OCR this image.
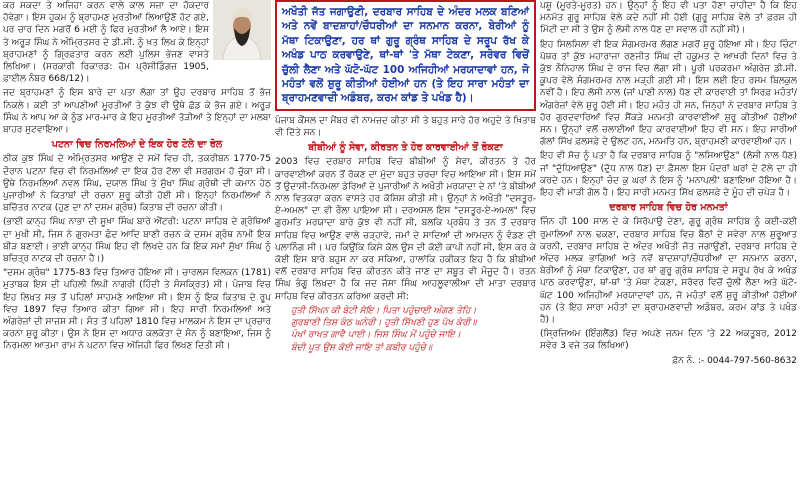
ਕਰ ਸਕਦਾ ਤੇ ਅਜਿਹਾ ਕਰਨ ਵਾਲੇ ਕਾਲ ਸਜ਼ਾ ਦਾ ਹੱਕਦਾਰ ਹੋਵੇਗਾ। ਇਸ ਹੁਕਮ ਨੂੰ ਬ੍ਰਾਹਮਣ ਮੁਰਤੀਆਂ ਲਿਆਉਣੋਂ ਹੱਟ ਗਏ, ਪਰ ਚਾਰ ਦਿਨ ਮਗਰੋਂ 6 ਮਈ ਨੂੰ ਫਿਰ ਮੁਰਤੀਆਂ ਲੈ ਆਏ। ਇਸ ਤੇ ਅਰੂੜ ਸਿੰਘ ਨੇ ਅੰਮ੍ਰਿਤਸਰ ਦੇ ਡੀ.ਸੀ. ਨੂੰ ਖ਼ਤ ਲਿਖ ਕੇ ਇਨ੍ਹਾਂ ਬ੍ਰਾਹਮਣਾਂ ਨੂੰ ਗ੍ਰਿਫ਼ਤਾਰ ਕਰਨ ਲਈ ਪੁਲਿਸ ਭੇਜਣ ਵਾਸਤੇ ਲਿਖਿਆ। (ਸਰਕਾਰੀ ਰਿਕਾਰਡ: ਹੋਮ ਪ੍ਰੋਸੀਡਿੰਗਜ਼ 1905, ਫ਼ਾਈਲ ਨੰਬਰ 668/12)।

ਜਦ ਬ੍ਰਾਹਮਣਾਂ ਨੂੰ ਇਸ ਬਾਰੇ ਦਾ ਪਤਾ ਲੱਗਾ ਤਾਂ ਉਹ ਦਰਬਾਰ ਸਾਹਿਬ ਤੋਂ ਭੱਜ ਨਿਕਲੇ। ਕਈ ਤਾਂ ਆਪਣੀਆਂ ਮੂਰਤੀਆਂ ਤੇ ਕੁੱਝ ਵੀ ਉਥੇ ਛੱਡ ਕੇ ਭੱਜ ਗਏ। ਅਰੂੜ ਸਿੰਘ ਨੇ ਆਪ ਆ ਕੇ ਨੂੰਡ ਮਾਰ-ਮਾਰ ਕੇ ਇਹ ਮੂਰਤੀਆਂ ਤੋੜੀਆਂ ਤੇ ਇਨ੍ਹਾਂ ਦਾ ਮਲਬਾ ਬਾਹਰ ਸੁਟਵਾਇਆ।

ਪਟਨਾ ਵਿਚ ਨਿਰਮਲਿਆਂ ਦੇ ਇਕ ਹੋਰ ਟੋਲੇ ਦਾ ਰੋਲ

ਠੀਕ ਕੁਝ ਸਿੰਘ ਦੇ ਅੰਮ੍ਰਿਤਸਰ ਆਉਣ ਦੇ ਸਮੇਂ ਵਿਚ ਹੀ, ਤਕਰੀਬਨ 1770-75 ਦੌਰਾਨ ਪਟਨਾ ਵਿਚ ਵੀ ਨਿਰਮਲਿਆਂ ਦਾ ਇਕ ਹੋਰ ਟੋਲਾ ਵੀ ਸਰਗਰਮ ਹੋ ਚੁੱਕਾ ਸੀ। ਉਥੇ ਨਿਰਮਲਿਆਂ ਨਵਲ ਸਿੰਘ, ਦਯਾਲ ਸਿੰਘ ਤੇ ਸੁੱਖਾ ਸਿੰਘ ਗ੍ਰੰਥੀ ਦੀ ਕਮਾਨ ਹੇਠ ਪੁਜਾਰੀਆਂ ਨੇ ਕਿਤਾਬਾਂ ਦੀ ਰਚਨਾ ਸ਼ੁਰੂ ਕੀਤੀ ਹੋਈ ਸੀ। ਇਨ੍ਹਾਂ ਨਿਰਮਲਿਆਂ ਨੇ ਬਚਿੱਤਰ ਨਾਟਕ (ਹੁਣ ਦਾ ਨਾਂ ਦਸਮ ਗ੍ਰੰਥ) ਕਿਤਾਬ ਦੀ ਰਚਨਾ ਕੀਤੀ।

(ਭਾਈ ਕਾਨ੍ਹ ਸਿੰਘ ਨਾਭਾ ਦੀ ਸੂਖ਼ਾ ਸਿੰਘ ਬਾਰੇ ਐਂਟਰੀ: ਪਟਨਾ ਸਾਹਿਬ ਦੇ ਗ੍ਰੰਥਿਆਂ ਦਾ ਮੁਖੀ ਸੀ, ਜਿਸ ਨੇ ਗੁਰਮਤਾ ਛੰਦ ਆਦਿ ਬਾਣੀ ਰਚਨ ਕੇ ਦਸਮ ਗ੍ਰੰਥ ਨਾਮੀ ਇਕ ਬੀੜ ਬਣਾਈ। ਭਾਈ ਕਾਨ੍ਹ ਸਿੰਘ ਇਹ ਵੀ ਲਿਖਦੇ ਹਨ ਕਿ ਇਕ ਸਮਾਂ ਸੁੱਖਾ ਸਿੰਘ ਨੂੰ ਬਚਿਤ੍ਰ ਨਾਟਕ ਦੀ ਰਚਨਾ ਹੈ।)

"ਦਸਮ ਗ੍ਰੰਥ" 1775-83 ਵਿਚ ਤਿਆਰ ਹੋਇਆ ਸੀ। ਚਾਰਲਸ ਵਿਲਕਨ (1781) ਮੁਤਾਬਕ ਇਸ ਦੀ ਪਹਿਲੀ ਲਿਪੀ ਨਾਗਰੀ (ਹਿੰਦੀ ਤੇ ਸੰਸਕ੍ਰਿਤ) ਸੀ। ਪੰਜਾਬ ਵਿਚ ਇਹ ਲਿਖਤ ਸਭ ਤੋਂ ਪਹਿਲਾਂ ਸਾਹਮਣੇ ਆਇਆ ਸੀ। ਇਸ ਨੂੰ ਇਕ ਕਿਤਾਬ ਦੇ ਰੂਪ ਵਿਚ 1897 ਵਿਚ ਤਿਆਰ ਕੀਤਾ ਗਿਆ ਸੀ। ਇਹ ਸਾਰੀ ਨਿਰਮਲਿਆਂ ਅਤੇ ਅੰਗਰੇਜ਼ਾਂ ਦੀ ਸਾਜ਼ਸ਼ ਸੀ। ਸੰਤ ਤੋਂ ਪਹਿਲਾਂ 1810 ਵਿਚ ਮਾਲਕਮ ਨੇ ਇਸ ਦਾ ਪ੍ਰਚਾਰ ਕਰਨਾ ਸ਼ੁਰੂ ਕੀਤਾ। ਉਸ ਨੇ ਇਸ ਦਾ ਅਧਾਰ ਕਲਕੱਤਾ ਦੇ ਸੰਨ ਨੂੰ ਬਣਾਇਆ, ਜਿਸ ਨੂੰ ਨਿਰਮਲਾ ਆਤਮਾ ਰਾਮ ਨੇ ਪਟਨਾ ਵਿਚ ਅੱਜਿਹੀ ਫਿਰ ਲਿਖਣ ਦਿਤੀ ਸੀ।

ਅਖੌਤੀ ਜੱਤ ਜਗਾਉਣੀ, ਦਰਬਾਰ ਸਾਹਿਬ ਦੇ ਅੰਦਰ ਮਲਕ ਬਣਿਆਂ ਅਤੇ ਨਵੇਂ ਬਾਦਸ਼ਾਹਾਂ/ਚੌਧਰੀਆਂ ਦਾ ਸਨਮਾਨ ਕਰਨਾ, ਬੇਰੀਆਂ ਨੂੰ ਮੱਥਾ ਟਿਕਾਉਣਾ, ਹਰ ਥਾਂ ਗੁਰੂ ਗ੍ਰੰਥ ਸਾਹਿਬ ਦੇ ਸਰੂਪ ਰੱਖ ਕੇ ਅਖੰਡ ਪਾਠ ਕਰਵਾਉਣੇ, ਥਾਂ-ਥਾਂ 'ਤੇ ਮੱਥਾ ਟੇਕਣਾ, ਸਰੋਵਰ ਵਿਚੋਂ ਚੁੱਲੀ ਲੈਣਾ ਅਤੇ ਘੱਟੋ-ਘੱਟ 100 ਅਜਿਹੀਆਂ ਮਰਯਾਦਾਵਾਂ ਹਨ, ਜੋ ਮਹੰਤਾਂ ਵਲੋਂ ਸ਼ੁਰੂ ਕੀਤੀਆਂ ਹੋਈਆਂ ਹਨ (ਤੇ ਇਹ ਸਾਰਾ ਮਹੰਤਾਂ ਦਾ ਬ੍ਰਾਹਮਣਵਾਦੀ ਅਡੰਬਰ, ਕਰਮ ਕਾਂਡ ਤੇ ਪਖੰਡ ਹੈ)।

ਪੰਜਾਬ ਕੌਂਸਲ ਦਾ ਮੈਂਬਰ ਵੀ ਨਾਮਜ਼ਦ ਕੀਤਾ ਸੀ ਤੇ ਬਹੁਤ ਸਾਰੇ ਹੋਰ ਅਹੁਦੇ ਤੇ ਖ਼ਿਤਾਬ ਵੀ ਦਿੱਤੇ ਸਨ।

ਬੀਬੀਆਂ ਨੂੰ ਸੇਵਾ, ਕੀਰਤਨ ਤੇ ਹੋਰ ਕਾਰਵਾਈਆਂ ਤੋਂ ਰੋਕਣਾ

2003 ਵਿਚ ਦਰਬਾਰ ਸਾਹਿਬ ਵਿਚ ਬੀਬੀਆਂ ਨੂੰ ਸੇਵਾ, ਕੀਰਤਨ ਤੇ ਹੋਰ ਕਾਰਵਾਈਆਂ ਕਰਨ ਤੋਂ ਰੋਕਣ ਦਾ ਮੁੱਦਾ ਬਹੁਤ ਚਰਚਾ ਵਿਚ ਆਇਆ ਸੀ। ਇਸ ਸਮੇਂ ਤੋਂ ਉਦਾਸੀ-ਨਿਰਮਲਾ ਡੇਰਿਆਂ ਦੇ ਪੁਜਾਰੀਆਂ ਨੇ ਅਖੌਤੀ ਮਰਯਾਦਾ ਦੇ ਨਾਂ 'ਤੇ ਬੀਬੀਆਂ ਨਾਲ ਵਿਤਕਰਾ ਕਰਨ ਵਾਸਤੇ ਹਰ ਕੋਸ਼ਿਸ਼ ਕੀਤੀ ਸੀ। ਉਨ੍ਹਾਂ ਨੇ ਅਖੌਤੀ "ਦਸਤੂਰ-ਏ-ਅਮਲ" ਦਾ ਵੀ ਰੌਲਾ ਪਾਇਆ ਸੀ। ਦਰਅਸਲ ਇਸ "ਦਸਤੂਰ-ਏ-ਅਮਲ" ਵਿਚ ਗੁਰਮਤਿ ਮਰਯਾਦਾ ਬਾਰੇ ਕੁੱਝ ਵੀ ਨਹੀਂ ਸੀ, ਬਲਕਿ ਪ੍ਰਬੰਧ ਤੇ ਤਨ ਤੋਂ ਦਰਬਾਰ ਸਾਹਿਬ ਵਿਚ ਆਉਣ ਵਾਲੇ ਚੜ੍ਹਾਵੇ, ਜਮਾਂ ਦੇ ਸਾਦਿਆਂ ਦੀ ਆਮਦਨ ਨੂੰ ਵੰਡਣ ਦੀ ਪਲਾਨਿੰਗ ਸੀ। ਪਰ ਕਿਉਂਕਿ ਕਿਸੇ ਕੋਲ ਉਸ ਦੀ ਕੋਈ ਕਾਪੀ ਨਹੀਂ ਸੀ, ਇਸ ਕਰ ਕੇ ਕੋਈ ਇਸ ਬਾਰੇ ਬਹੁਸ ਨਾ ਕਰ ਸਕਿਆ, ਹਾਲਾਂਕਿ ਹਕੀਕਤ ਇਹ ਹੈ ਕਿ ਬੀਬੀਆਂ ਵਲੋਂ ਦਰਬਾਰ ਸਾਹਿਬ ਵਿਚ ਕੀਰਤਨ ਕੀਤੇ ਜਾਣ ਦਾ ਸਬੂਤ ਵੀ ਮੌਜੂਦ ਹੈ। ਰਤਨ ਸਿੰਘ ਭੰਗੂ ਲਿਖਦਾ ਹੈ ਕਿ ਜਦ ਜੱਸਾ ਸਿੰਘ ਆਹਲੂਵਾਲੀਆ ਦੀ ਮਾਤਾ ਦਰਬਾਰ ਸਾਹਿਬ ਵਿਚ ਕੀਰਤਨ ਕਰਿਆ ਕਰਦੀ ਸੀ:

ਹੁਤੀ ਸਿੱਖਨ ਕੀ ਬੇਟੀ ਸੋਇ। ਪਿਤਾ ਪਹੁੰਚਾਈ ਅੰਗਣ ਤੇਹਿ।
ਗੁਰਬਾਣੀ ਤਿਸ ਕੰਠ ਘਨੇਰੀ। ਹੁਤੀ ਸਿੱਖਣੀ ਹੁਣ ਪੱਖ ਕੇਰੀ॥
ਪੰਖਾਂ ਰਾਖਤ ਗਾਵੈ ਪਾਈ। ਜਿਸ ਸਿੰਘ ਮੇਂ ਪਹੁੰਚੇ ਜਾਇ।
ਬੰਦੀ ਪੂਤ ਉਸ ਕੋਈ ਜਾਇ ਤਾਂ ਕਬੀਰ ਪਹੁੰਚੇ॥

ਪਸ਼ੂ (ਮੂਰਤੇ-ਮੂਰਤ) ਹਨ। ਉਨ੍ਹਾਂ ਨੂੰ ਇਹ ਵੀ ਪਤਾ ਹੋਣਾ ਚਾਹੀਦਾ ਹੈ ਕਿ ਇਹ ਮਨਮੱਤ ਗੁਰੂ ਸਾਹਿਬ ਵੇਲੇ ਕਦੇ ਨਹੀਂ ਸੀ ਹੋਈ (ਗੁਰੂ ਸਾਹਿਬ ਵੇਲੇ ਤਾਂ ਫ਼ਰਸ਼ ਹੀ ਮਿੱਟੀ ਦਾ ਸੀ ਤੇ ਉਸ ਨੂੰ ਲੱਸੀ ਨਾਲ ਧੋਣ ਦਾ ਸਵਾਲ ਹੀ ਨਹੀਂ ਸੀ)।

ਇਹ ਸਿਲਸਿਲਾ ਵੀ ਇਕ ਸੰਗਮਰਮਰ ਲੱਗਣ ਮਗਰੋਂ ਸ਼ੁਰੂ ਹੋਇਆ ਸੀ। ਇਹ ਚਿੰਟਾ ਪੱਥਰ ਤਾਂ ਕੁੱਝ ਮਹਾਰਾਜਾ ਰਣਜੀਤ ਸਿੰਘ ਦੀ ਹਕੂਮਤ ਦੇ ਆਖ਼ਰੀ ਦਿਨਾਂ ਵਿਚ ਤੇ ਕੁੱਝ ਨੌਨਿਹਾਲ ਸਿੰਘ ਦੇ ਰਾਜ ਵਿਚ ਲੱਗਾ ਸੀ। ਪੂਰੀ ਪਰਕਰਮਾ ਅੰਗਰੇਜ਼ ਡੀ.ਸੀ. ਕੂਪਰ ਵੇਲੇ ਸੰਗਮਰਮਰ ਨਾਲ ਮੜ੍ਹੀ ਗਈ ਸੀ। ਇਸ ਲਈ ਇਹ ਰਸਮ ਬਿਲਕੁਲ ਨਵੀਂ ਹੈ। ਇਹ ਲੱਸੀ ਨਾਲ (ਜਾਂ ਪਾਣੀ ਨਾਲ) ਧੋਣ ਦੀ ਕਾਰਵਾਈ ਤਾਂ ਸਿਰਫ਼ ਮਹੰਤਾਂ/ਅੰਗਰੇਜ਼ਾਂ ਵੇਲੇ ਸ਼ੁਰੂ ਹੋਈ ਸੀ। ਇਹ ਮਹੰਤ ਹੀ ਸਨ, ਜਿਨ੍ਹਾਂ ਨੇ ਦਰਬਾਰ ਸਾਹਿਬ ਤੇ ਹੋਰ ਗੁਰਦਵਾਰਿਆਂ ਵਿਚ ਸੈਂਕੜੇ ਮਨਮਤੀ ਕਾਰਵਾਈਆਂ ਸ਼ੁਰੂ ਕੀਤੀਆਂ ਹੋਈਆਂ ਸਨ। ਉਨ੍ਹਾਂ ਵਲੋਂ ਚਲਾਈਆਂ ਇਹ ਕਾਰਵਾਈਆਂ ਇਹ ਵੀ ਸਨ। ਇਹ ਸਾਰੀਆਂ ਗੱਲਾਂ ਸਿੱਖ ਫ਼ਲਸਫ਼ੇ ਦੇ ਉਲਟ ਹਨ, ਮਨਮਤਿ ਹਨ, ਬ੍ਰਾਹਮਣੀ ਕਾਰਵਾਈਆਂ ਹਨ।

ਇਹ ਵੀ ਸੱਚ ਨੂੰ ਪਤਾ ਹੈ ਕਿ ਦਰਬਾਰ ਸਾਹਿਬ ਨੂੰ "ਲਸਿਆਉਣ" (ਲੱਸੀ ਨਾਲ ਧੋਣ) ਜਾਂ "ਦੁੱਧਿਆਉਣ" (ਦੁੱਧ ਨਾਲ ਧੋਣ) ਦਾ ਫ਼ੈਸਲਾ ਇਸ ਪੰਦਰਾਂ ਘਰਾਂ ਦੇ ਟੋਲੇ ਦਾ ਹੀ ਕਰਦੇ ਹਨ। ਇਨ੍ਹਾਂ ਚੰਦ ਕੁ ਘਰਾਂ ਨੇ ਇਸ ਨੂੰ 'ਮਨਾਪਲੀ' ਬਣਾਇਆ ਹੋਇਆ ਹੈ। ਇਹ ਵੀ ਮਾੜੀ ਗੱਲ ਹੈ। ਇਹ ਸਾਰੀ ਮਨਮਤ ਸਿੱਖ ਫ਼ਲਸਫ਼ੇ ਦੇ ਮੂੰਹ ਦੀ ਚਪੇੜ ਹੈ।

ਦਰਬਾਰ ਸਾਹਿਬ ਵਿਚ ਹੋਰ ਮਨਮਤਾਂ

ਜਿੰਨ ਹੀ 100 ਸਾਲ ਦੇ ਕੇ ਸਿਰੋਪਾਉ ਦੇਣਾ, ਗੁਰੂ ਗ੍ਰੰਥ ਸਾਹਿਬ ਨੂੰ ਕਈ-ਕਈ ਰੁਮਾਲਿਆਂ ਨਾਲ ਢਕਣਾ, ਦਰਬਾਰ ਸਾਹਿਬ ਵਿਚ ਬੈਠਾਂ ਦੇ ਸਵੇਰਾ ਨਾਲ ਸ਼ੁਰੂਆਤ ਕਰਨੀ, ਦਰਬਾਰ ਸਾਹਿਬ ਦੇ ਅੰਦਰ ਅਖੌਤੀ ਜੋਤ ਜਗਾਉਣੀ, ਦਰਬਾਰ ਸਾਹਿਬ ਦੇ ਅੰਦਰ ਮਲਕ ਭਾਗਿਆਂ ਅਤੇ ਨਵੇਂ ਬਾਦਸ਼ਾਹਾਂ/ਚੌਧਰੀਆਂ ਦਾ ਸਨਮਾਨ ਕਰਨਾ, ਬੇਰੀਆਂ ਨੂੰ ਮੱਥਾ ਟਿਕਾਉਣਾ, ਹਰ ਥਾਂ ਗੁਰੂ ਗ੍ਰੰਥ ਸਾਹਿਬ ਦੇ ਸਰੂਪ ਰੱਖ ਕੇ ਅਖੰਡ ਪਾਠ ਕਰਵਾਉਣਾ, ਥਾਂ-ਥਾਂ 'ਤੇ ਮੱਥਾ ਟੇਕਣਾ, ਸਰੋਵਰ ਵਿਚੋਂ ਚੁੱਲੀ ਲੈਣਾ ਅਤੇ ਘੱਟੋ-ਘੱਟ 100 ਅਜਿਹੀਆਂ ਮਰਯਾਦਾਵਾਂ ਹਨ, ਜੋ ਮਹੰਤਾਂ ਵਲੋਂ ਸ਼ੁਰੂ ਕੀਤੀਆਂ ਹੋਈਆਂ ਹਨ (ਤੇ ਇਹ ਸਾਰਾ ਮਹੰਤਾਂ ਦਾ ਬ੍ਰਾਹਮਣਵਾਦੀ ਅਡੰਬਰ, ਕਰਮ ਕਾਂਡ ਤੇ ਪਖੰਡ ਹੈ)।

(ਸ੍ਰਿਜਿਅਮ (ਇੰਗਲੈਂਡ) ਵਿਚ ਅਪਣੇ ਜਨਮ ਦਿਨ 'ਤੇ 22 ਅਕਤੂਬਰ, 2012 ਸਵੇਰ 3 ਵਜੇ ਤਕ ਲਿਖਿਆ)

ਫ਼ੋਨ ਨੰ. :- 0044-797-560-8632
